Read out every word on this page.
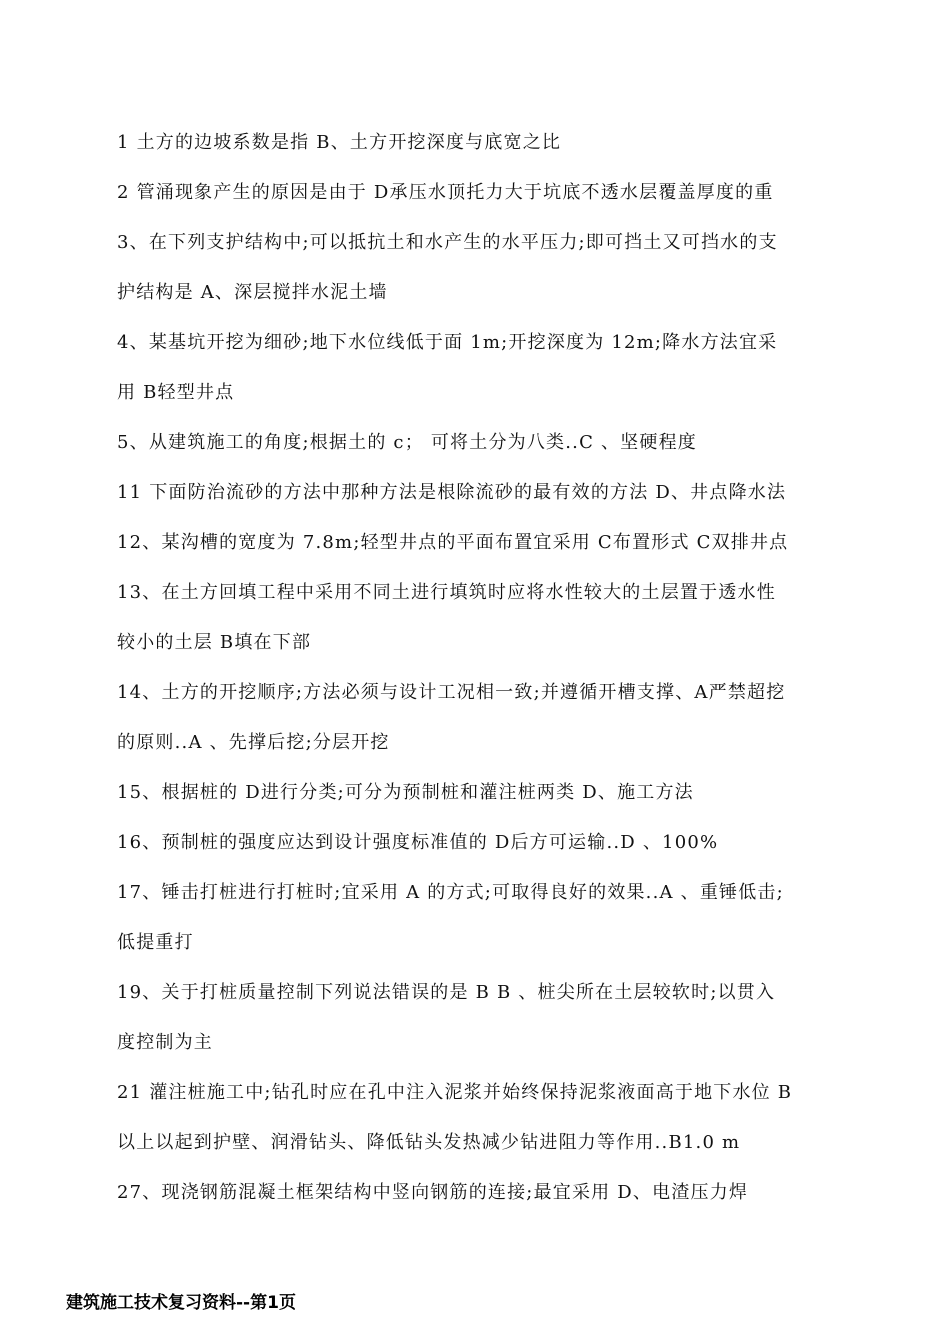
1 土方的边坡系数是指 B、土方开挖深度与底宽之比
2 管涌现象产生的原因是由于 D承压水顶托力大于坑底不透水层覆盖厚度的重
3、在下列支护结构中;可以抵抗土和水产生的水平压力;即可挡土又可挡水的支
护结构是 A、深层搅拌水泥土墙
4、某基坑开挖为细砂;地下水位线低于面 1m;开挖深度为 12m;降水方法宜采
用 B轻型井点
5、从建筑施工的角度;根据土的 c； 可将土分为八类..C 、坚硬程度
11 下面防治流砂的方法中那种方法是根除流砂的最有效的方法 D、井点降水法
12、某沟槽的宽度为 7.8m;轻型井点的平面布置宜采用 C布置形式 C双排井点
13、在土方回填工程中采用不同土进行填筑时应将水性较大的土层置于透水性
较小的土层 B填在下部
14、土方的开挖顺序;方法必须与设计工况相一致;并遵循开槽支撑、A严禁超挖
的原则..A 、先撑后挖;分层开挖
15、根据桩的 D进行分类;可分为预制桩和灌注桩两类 D、施工方法
16、预制桩的强度应达到设计强度标准值的 D后方可运输..D 、100%
17、锤击打桩进行打桩时;宜采用 A 的方式;可取得良好的效果..A 、重锤低击;
低提重打
19、关于打桩质量控制下列说法错误的是 B B 、桩尖所在土层较软时;以贯入
度控制为主
21 灌注桩施工中;钻孔时应在孔中注入泥浆并始终保持泥浆液面高于地下水位 B
以上以起到护壁、润滑钻头、降低钻头发热减少钻进阻力等作用..B1.0 m
27、现浇钢筋混凝土框架结构中竖向钢筋的连接;最宜采用 D、电渣压力焊
建筑施工技术复习资料--第1页
